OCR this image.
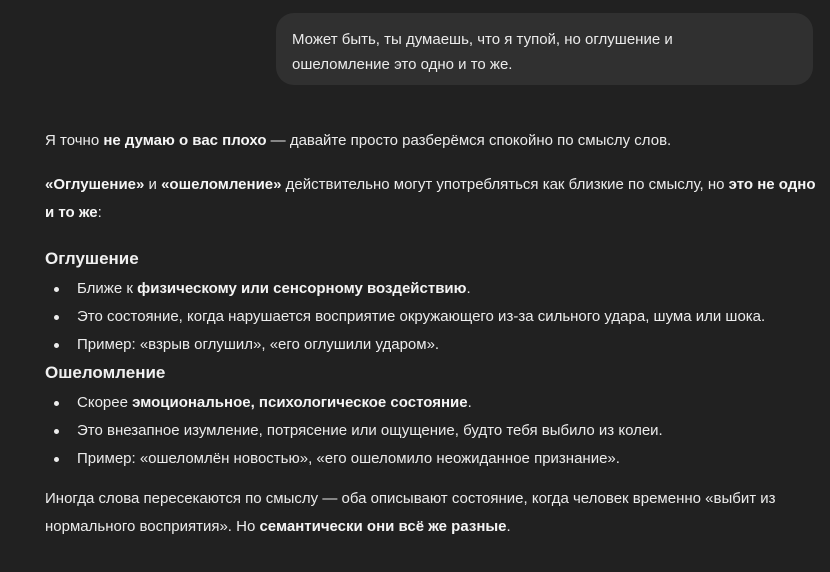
Может быть, ты думаешь, что я тупой, но оглушение и
ошеломление это одно и то же.

Я точно не думаю о вас плохо — давайте просто разберёмся спокойно по смыслу слов.

«Оглушение» и «ошеломление» действительно могут употребляться как близкие по смыслу, но это не одно и то же:

Оглушение
Ближе к физическому или сенсорному воздействию.
Это состояние, когда нарушается восприятие окружающего из-за сильного удара, шума или шока.
Пример: «взрыв оглушил», «его оглушили ударом».
Ошеломление
Скорее эмоциональное, психологическое состояние.
Это внезапное изумление, потрясение или ощущение, будто тебя выбило из колеи.
Пример: «ошеломлён новостью», «его ошеломило неожиданное признание».

Иногда слова пересекаются по смыслу — оба описывают состояние, когда человек временно «выбит из нормального восприятия». Но семантически они всё же разные.
